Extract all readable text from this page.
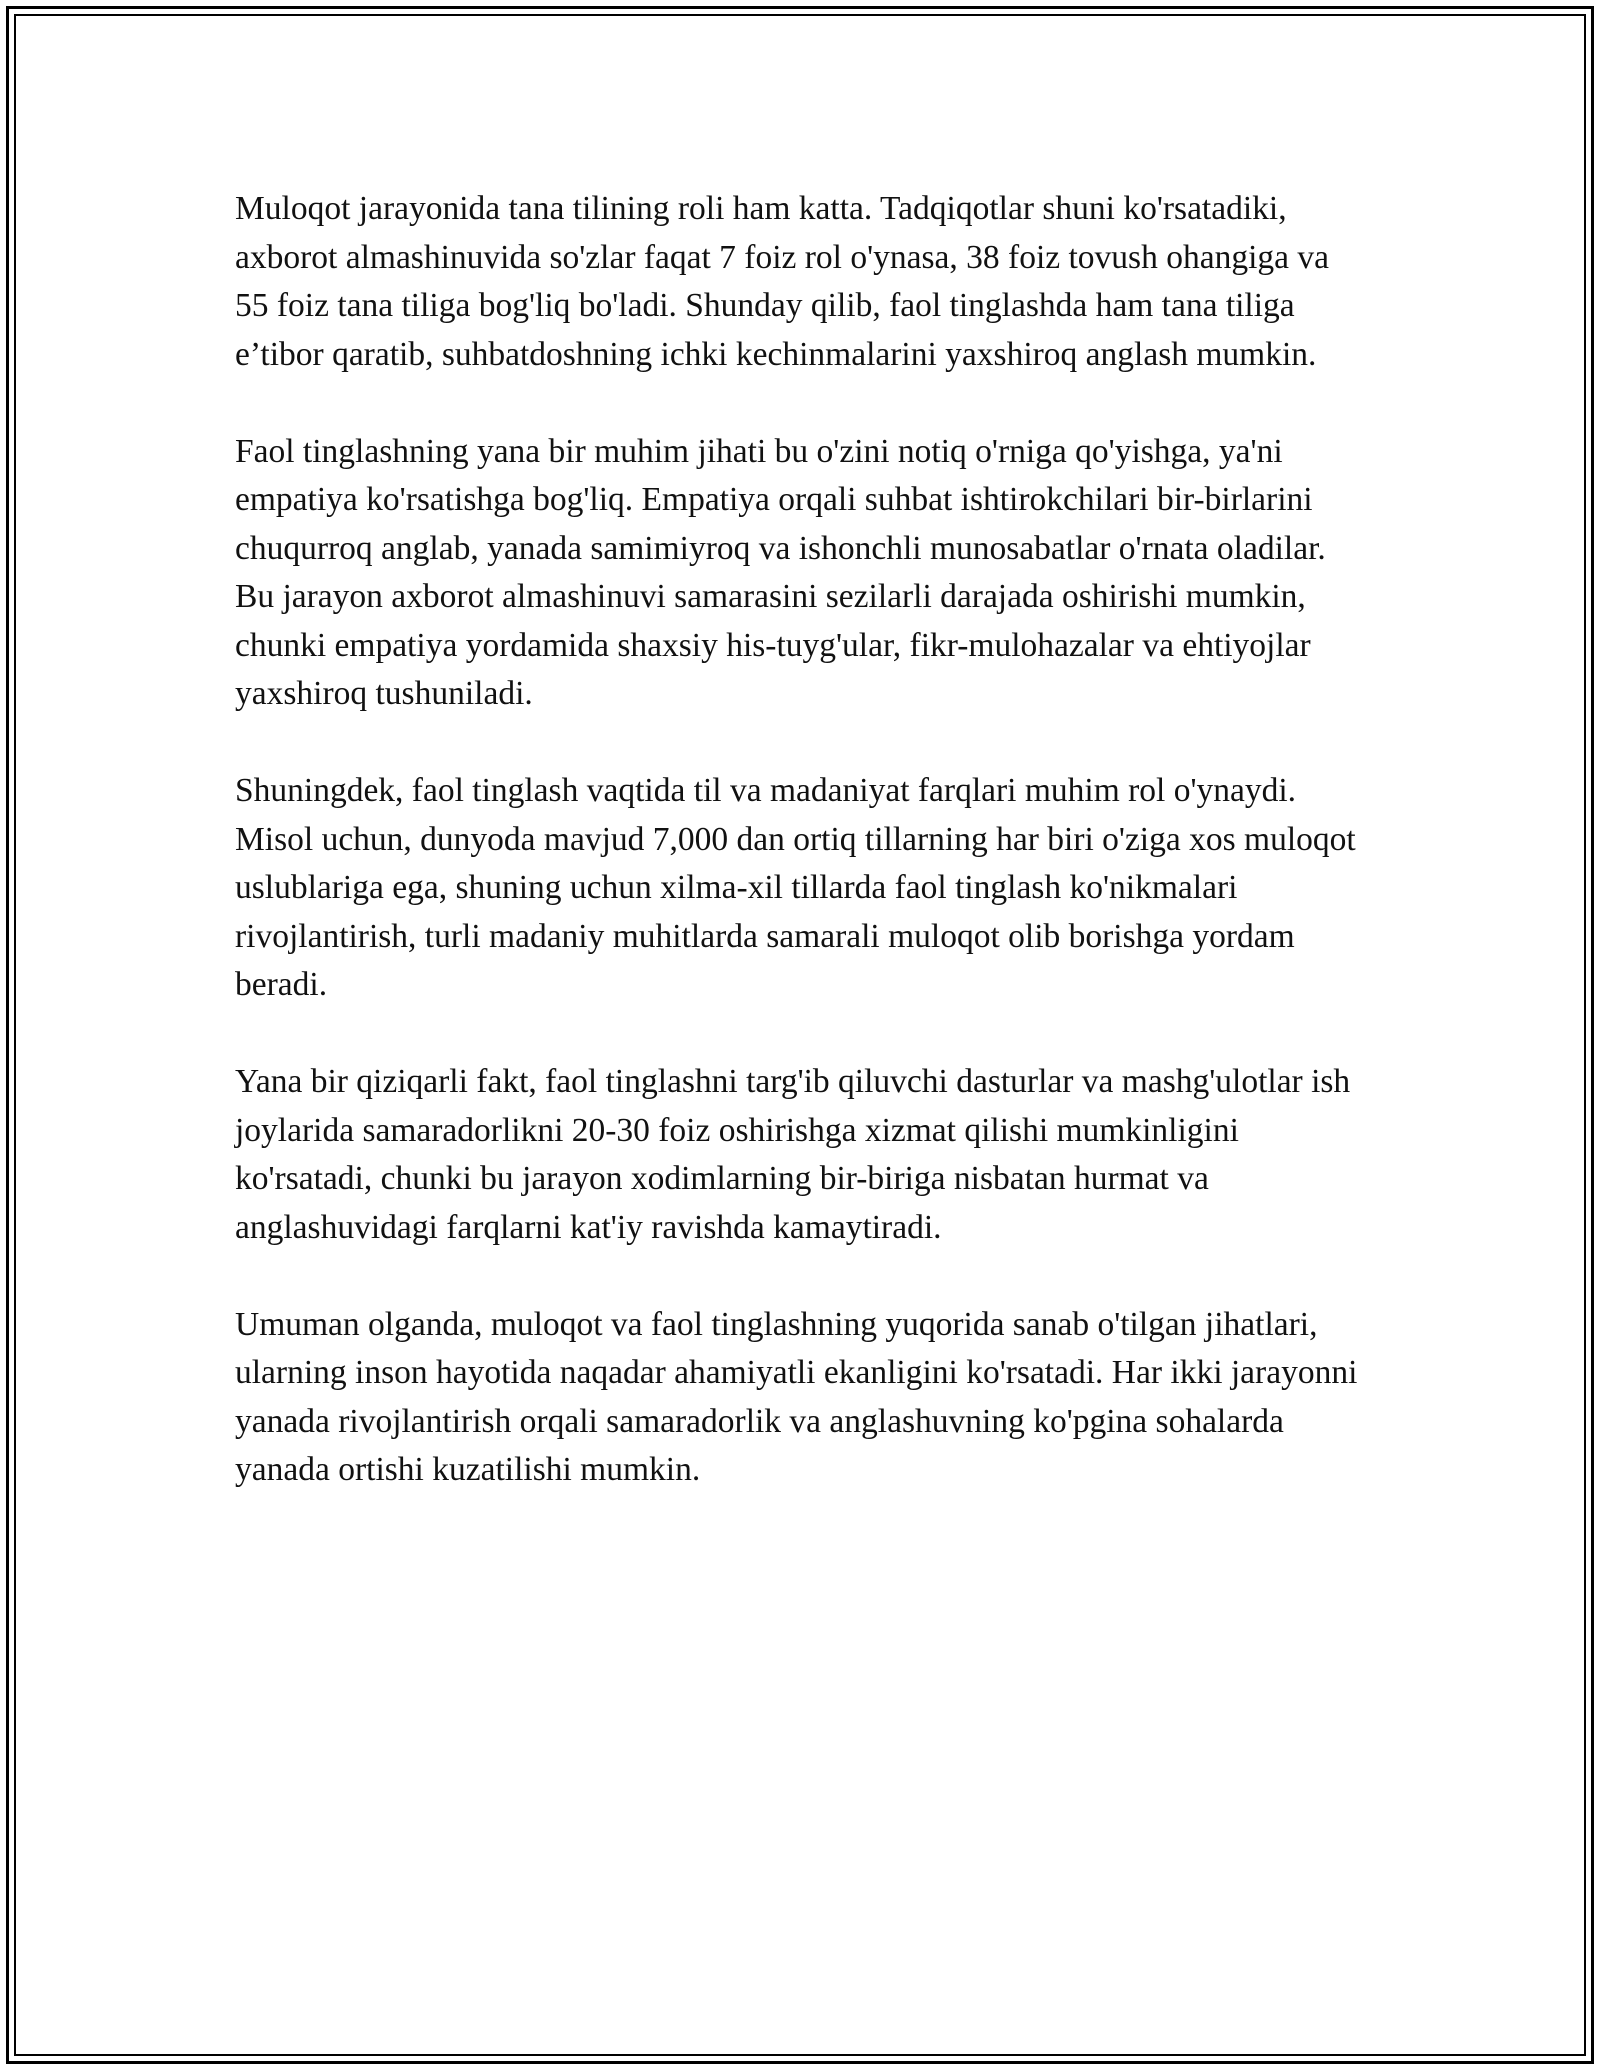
Muloqot jarayonida tana tilining roli ham katta. Tadqiqotlar shuni ko'rsatadiki, axborot almashinuvida so'zlar faqat 7 foiz rol o'ynasa, 38 foiz tovush ohangiga va 55 foiz tana tiliga bog'liq bo'ladi. Shunday qilib, faol tinglashda ham tana tiliga e’tibor qaratib, suhbatdoshning ichki kechinmalarini yaxshiroq anglash mumkin.

Faol tinglashning yana bir muhim jihati bu o'zini notiq o'rniga qo'yishga, ya'ni empatiya ko'rsatishga bog'liq. Empatiya orqali suhbat ishtirokchilari bir-birlarini chuqurroq anglab, yanada samimiyroq va ishonchli munosabatlar o'rnata oladilar. Bu jarayon axborot almashinuvi samarasini sezilarli darajada oshirishi mumkin, chunki empatiya yordamida shaxsiy his-tuyg'ular, fikr-mulohazalar va ehtiyojlar yaxshiroq tushuniladi.

Shuningdek, faol tinglash vaqtida til va madaniyat farqlari muhim rol o'ynaydi. Misol uchun, dunyoda mavjud 7,000 dan ortiq tillarning har biri o'ziga xos muloqot uslublariga ega, shuning uchun xilma-xil tillarda faol tinglash ko'nikmalari rivojlantirish, turli madaniy muhitlarda samarali muloqot olib borishga yordam beradi.

Yana bir qiziqarli fakt, faol tinglashni targ'ib qiluvchi dasturlar va mashg'ulotlar ish joylarida samaradorlikni 20-30 foiz oshirishga xizmat qilishi mumkinligini ko'rsatadi, chunki bu jarayon xodimlarning bir-biriga nisbatan hurmat va anglashuvidagi farqlarni kat'iy ravishda kamaytiradi.

Umuman olganda, muloqot va faol tinglashning yuqorida sanab o'tilgan jihatlari, ularning inson hayotida naqadar ahamiyatli ekanligini ko'rsatadi. Har ikki jarayonni yanada rivojlantirish orqali samaradorlik va anglashuvning ko'pgina sohalarda yanada ortishi kuzatilishi mumkin.
